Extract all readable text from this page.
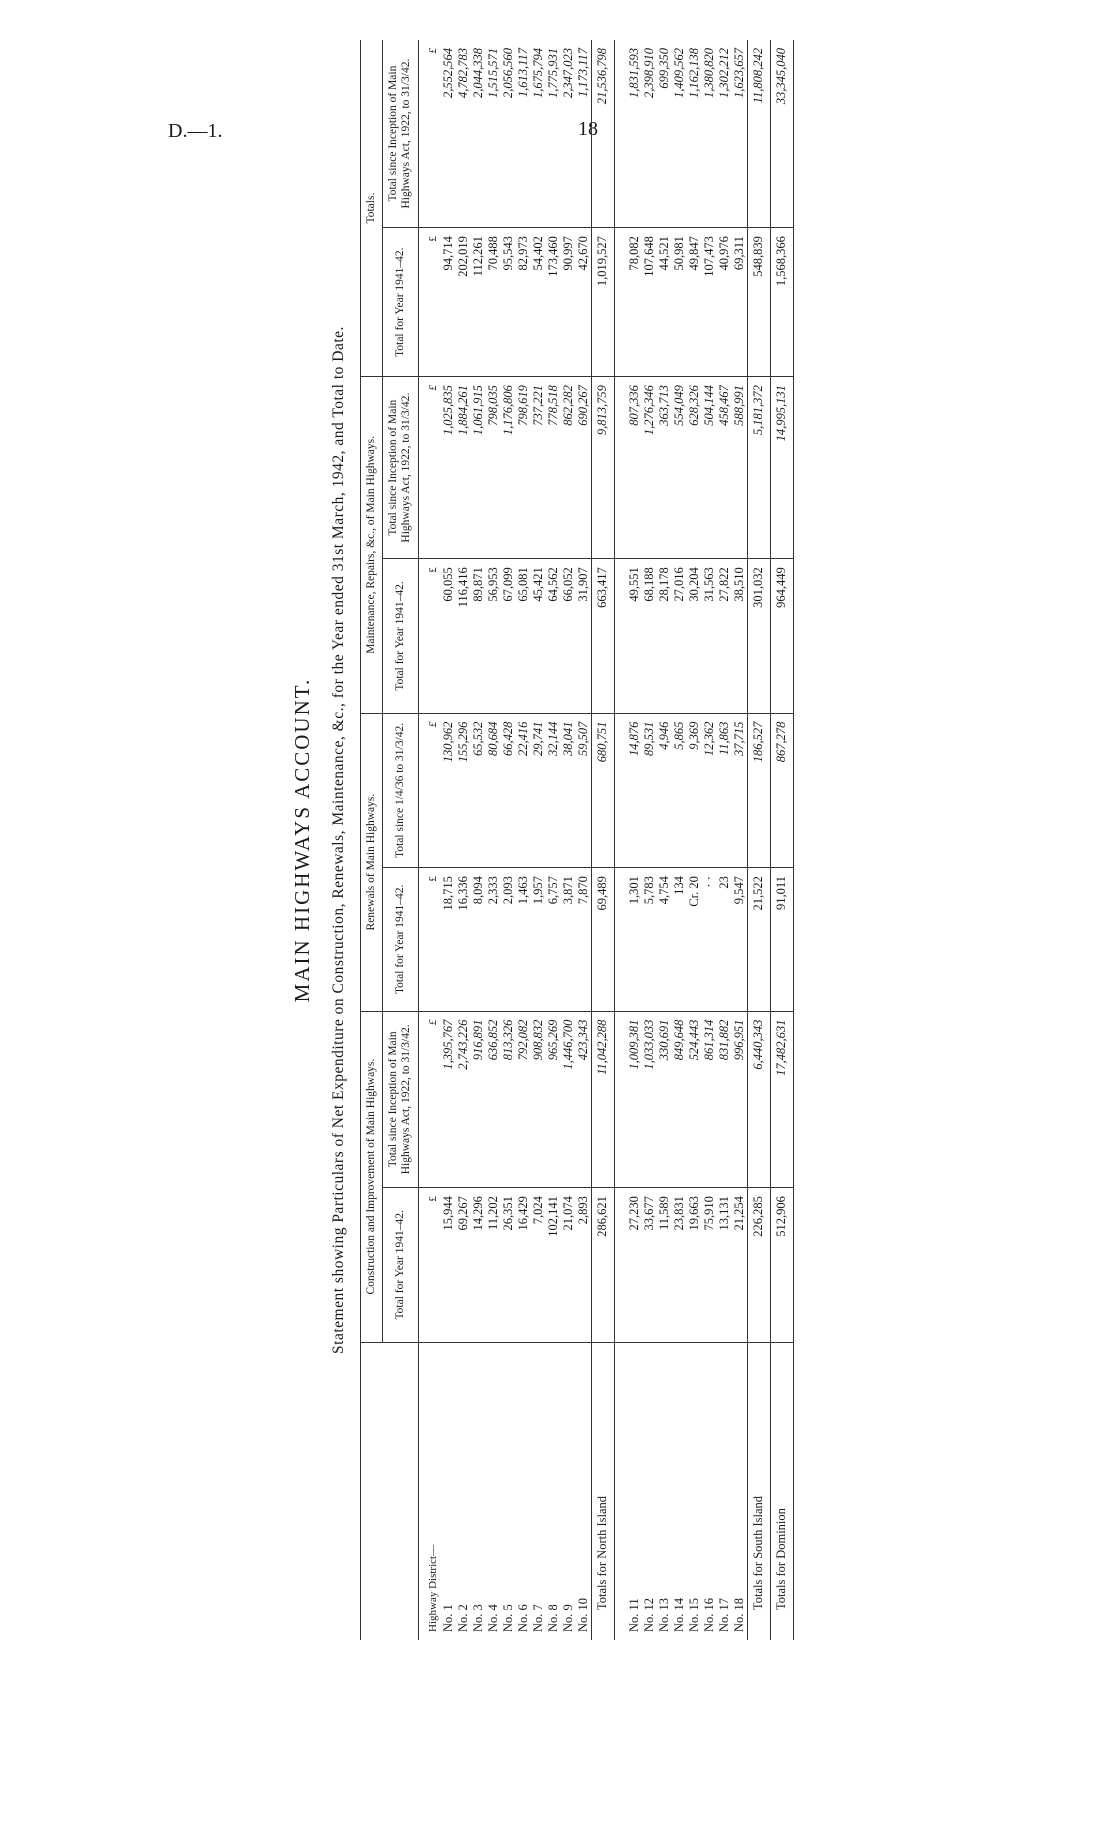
D.—1.	18
MAIN HIGHWAYS ACCOUNT. Statement showing Particulars of Net Expenditure on Construction, Renewals, Maintenance, &c., for the Year ended 31st March, 1942, and Total to Date.
	Construction and Improvement of Main Highways.		Renewals of Main Highways.		Maintenance, Repairs, &c., of Main Highways.		Totals.	
	Total for Year 1941–42.	Total since Inception of Main Highways Act, 1922, to 31/3/42.	Total for Year 1941–42.	Total since 1/4/36 to 31/3/42.	Total for Year 1941–42.	Total since Inception of Main Highways Act, 1922, to 31/3/42.	Total for Year 1941–42.	Total since Inception of Main Highways Act, 1922, to 31/3/42.
Highway District—	£	£	£	£	£	£	£	£
No. 1	15,944	1,395,767	18,715	130,962	60,055	1,025,835	94,714	2,552,564
No. 2	69,267	2,743,226	16,336	155,296	116,416	1,884,261	202,019	4,782,783
No. 3	14,296	916,891	8,094	65,532	89,871	1,061,915	112,261	2,044,338
No. 4	11,202	636,852	2,333	80,684	56,953	798,035	70,488	1,515,571
No. 5	26,351	813,326	2,093	66,428	67,099	1,176,806	95,543	2,056,560
No. 6	16,429	792,082	1,463	22,416	65,081	798,619	82,973	1,613,117
No. 7	7,024	908,832	1,957	29,741	45,421	737,221	54,402	1,675,794
No. 8	102,141	965,269	6,757	32,144	64,562	778,518	173,460	1,775,931
No. 9	21,074	1,446,700	3,871	38,041	66,052	862,282	90,997	2,347,023
No. 10	2,893	423,343	7,870	59,507	31,907	690,267	42,670	1,173,117
Totals for North Island	286,621	11,042,288	69,489	680,751	663,417	9,813,759	1,019,527	21,536,798

No. 11	27,230	1,009,381	1,301	14,876	49,551	807,336	78,082	1,831,593
No. 12	33,677	1,033,033	5,783	89,531	68,188	1,276,346	107,648	2,398,910
No. 13	11,589	330,691	4,754	4,946	28,178	363,713	44,521	699,350
No. 14	23,831	849,648	134	5,865	27,016	554,049	50,981	1,409,562
No. 15	19,663	524,443	Cr. 20	9,369	30,204	628,326	49,847	1,162,138
No. 16	75,910	861,314	· ·	12,362	31,563	504,144	107,473	1,380,820
No. 17	13,131	831,882	23	11,863	27,822	458,467	40,976	1,302,212
No. 18	21,254	996,951	9,547	37,715	38,510	588,991	69,311	1,623,657
Totals for South Island	226,285	6,440,343	21,522	186,527	301,032	5,181,372	548,839	11,808,242
Totals for Dominion	512,906	17,482,631	91,011	867,278	964,449	14,995,131	1,568,366	33,345,040
